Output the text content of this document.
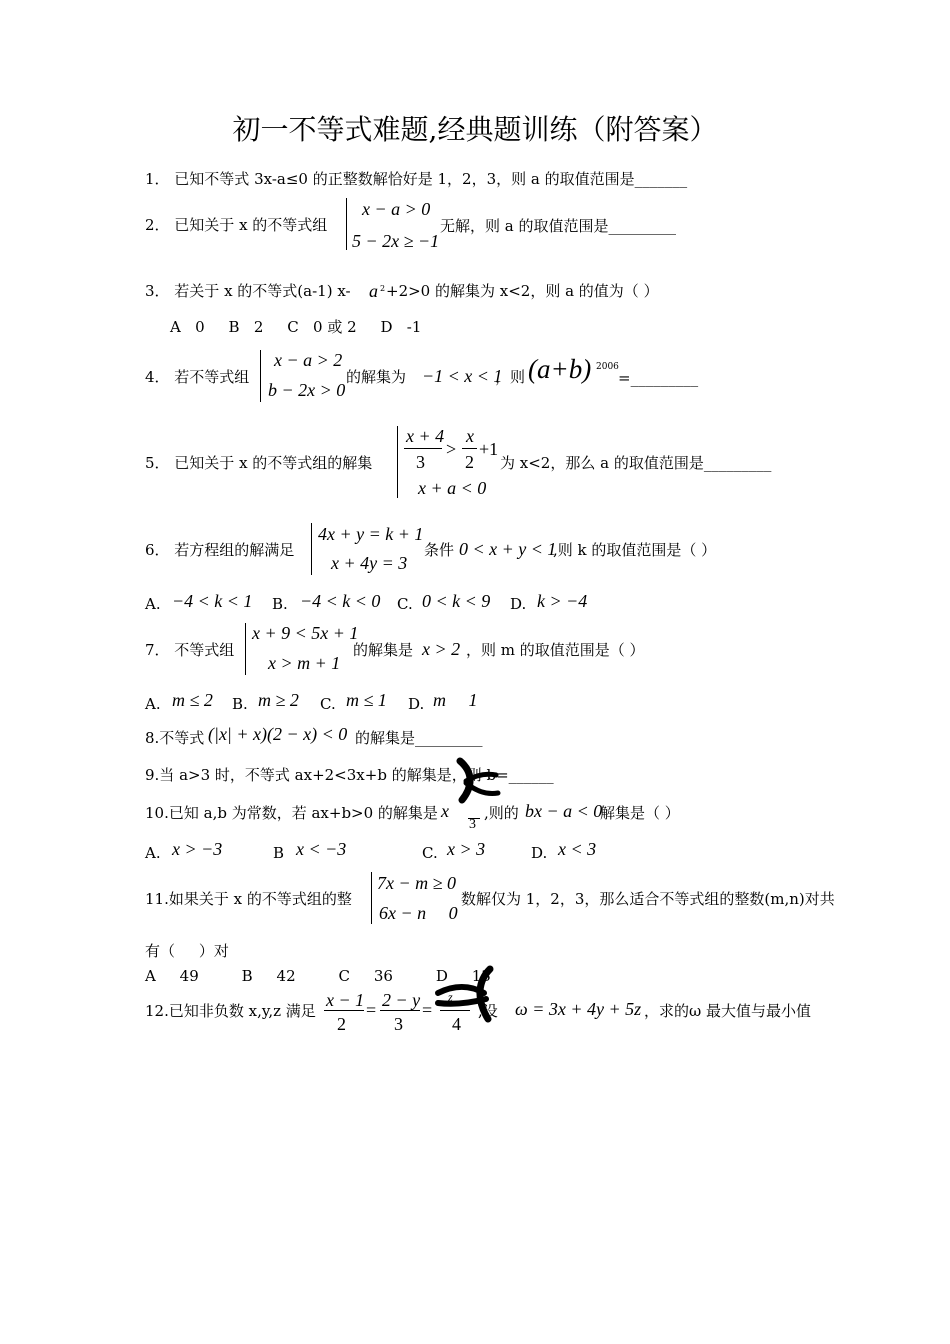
初一不等式难题,经典题训练（附答案）
1． 已知不等式 3x-a≤0 的正整数解恰好是 1，2，3，则 a 的取值范围是_______
2． 已知关于 x 的不等式组
x − a > 0
5 − 2x ≥ −1
无解，则 a 的取值范围是_________
3． 若关于 x 的不等式(a-1) x- a 2 +2>0 的解集为 x<2，则 a 的值为（ ）
A   0     B   2     C   0 或 2     D   -1
4． 若不等式组
x − a > 2
b − 2x > 0
的解集为 −1 < x < 1
，则 (a+b) 2006
=_________
5． 已知关于 x 的不等式组的解集
x + 4
3
>
x
2
+1
x + a < 0
为 x<2，那么 a 的取值范围是_________
6． 若方程组的解满足
4x + y = k + 1
x + 4y = 3
条件 0 < x + y < 1
,则 k 的取值范围是（ ）
A. −4 < k < 1 B. −4 < k < 0 C. 0 < k < 9 D. k > −4
7． 不等式组
x + 9 < 5x + 1
x > m + 1
的解集是 x > 2 ，则 m 的取值范围是（ ）
A. m ≤ 2 B. m ≥ 2 C. m ≤ 1 D. m     1
8.不等式 (|x| + x)(2 − x) < 0 的解集是_________
9.当 a>3 时，不等式 ax+2<3x+b 的解集是，则 b=______
10.已知 a,b 为常数，若 ax+b>0 的解集是 x
3
,则的 bx − a < 0
解集是（ ）
A. x > −3	B x < −3	C. x > 3	D. x < 3
11.如果关于 x 的不等式组的整
7x − m ≥ 0
6x − n     0
数解仅为 1，2，3，那么适合不等式组的整数(m,n)对共
有（     ）对
A     49         B     42         C     36         D     13
12.已知非负数 x,y,z 满足
x − 1
2
= 2 − y
3
=
z
4
,设 ω = 3x + 4y + 5z ，求的ω 最大值与最小值
